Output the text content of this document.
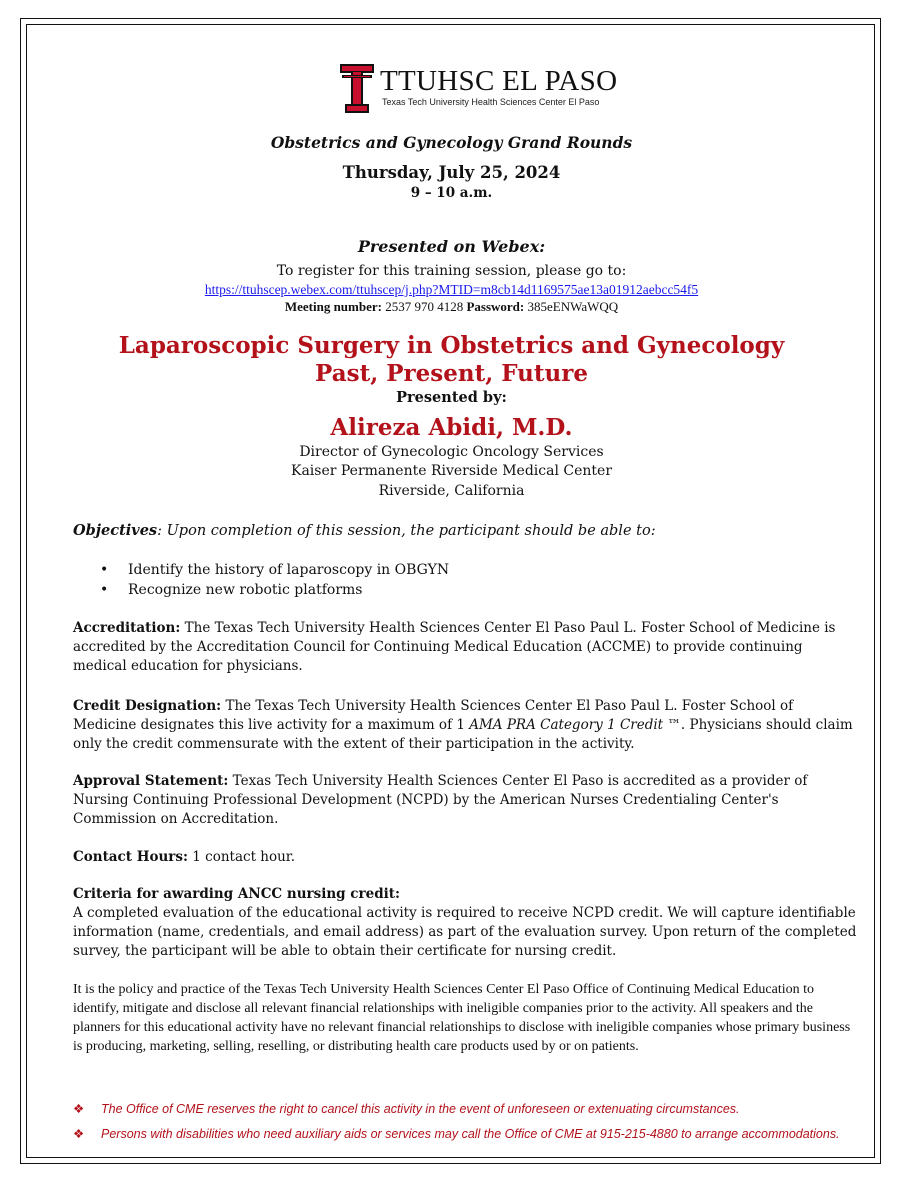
TTUHSC EL PASO
Texas Tech University Health Sciences Center El Paso
Obstetrics and Gynecology Grand Rounds
Thursday, July 25, 2024
9 – 10 a.m.
Presented on Webex:
To register for this training session, please go to:
https://ttuhscep.webex.com/ttuhscep/j.php?MTID=m8cb14d1169575ae13a01912aebcc54f5
Meeting number: 2537 970 4128 Password: 385eENWaWQQ
Laparoscopic Surgery in Obstetrics and Gynecology
Past, Present, Future
Presented by:
Alireza Abidi, M.D.
Director of Gynecologic Oncology Services
Kaiser Permanente Riverside Medical Center
Riverside, California
Objectives: Upon completion of this session, the participant should be able to:
• Identify the history of laparoscopy in OBGYN
• Recognize new robotic platforms
Accreditation: The Texas Tech University Health Sciences Center El Paso Paul L. Foster School of Medicine is accredited by the Accreditation Council for Continuing Medical Education (ACCME) to provide continuing medical education for physicians.
Credit Designation: The Texas Tech University Health Sciences Center El Paso Paul L. Foster School of Medicine designates this live activity for a maximum of 1 AMA PRA Category 1 Credit ™. Physicians should claim only the credit commensurate with the extent of their participation in the activity.
Approval Statement: Texas Tech University Health Sciences Center El Paso is accredited as a provider of Nursing Continuing Professional Development (NCPD) by the American Nurses Credentialing Center's Commission on Accreditation.
Contact Hours: 1 contact hour.
Criteria for awarding ANCC nursing credit:
A completed evaluation of the educational activity is required to receive NCPD credit. We will capture identifiable information (name, credentials, and email address) as part of the evaluation survey. Upon return of the completed survey, the participant will be able to obtain their certificate for nursing credit.
It is the policy and practice of the Texas Tech University Health Sciences Center El Paso Office of Continuing Medical Education to identify, mitigate and disclose all relevant financial relationships with ineligible companies prior to the activity. All speakers and the planners for this educational activity have no relevant financial relationships to disclose with ineligible companies whose primary business is producing, marketing, selling, reselling, or distributing health care products used by or on patients.
❖ The Office of CME reserves the right to cancel this activity in the event of unforeseen or extenuating circumstances.
❖ Persons with disabilities who need auxiliary aids or services may call the Office of CME at 915-215-4880 to arrange accommodations.
